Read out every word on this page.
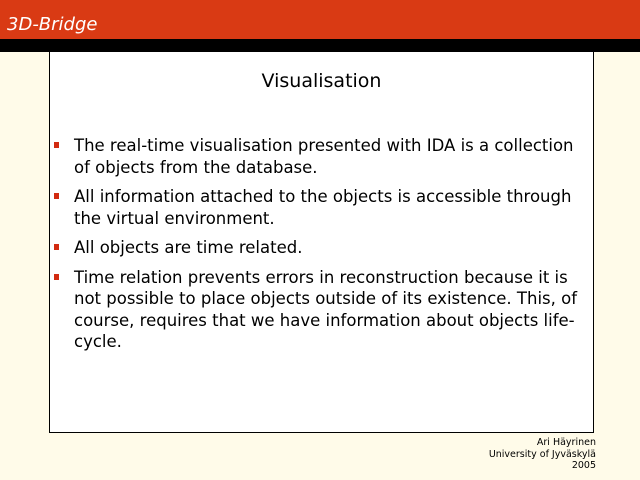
3D-Bridge
Visualisation
The real-time visualisation presented with IDA is a collection of objects from the database.
All information attached to the objects is accessible through the virtual environment.
All objects are time related.
Time relation prevents errors in reconstruction because it is not possible to place objects outside of its existence. This, of course, requires that we have information about objects life-cycle.
Ari Häyrinen
University of Jyväskylä
2005
